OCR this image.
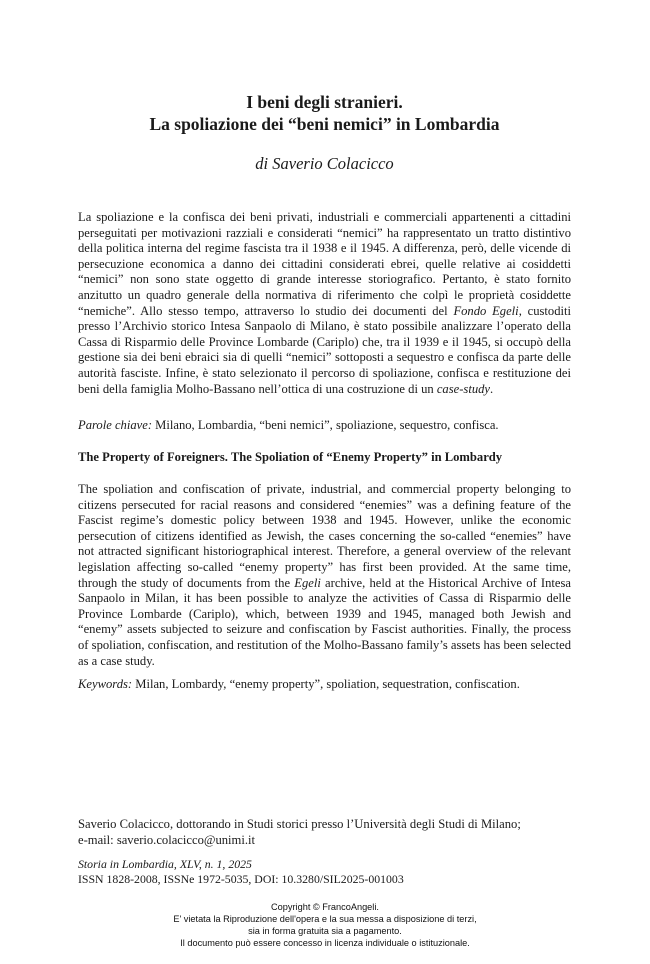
I beni degli stranieri.
La spoliazione dei “beni nemici” in Lombardia
di Saverio Colacicco

La spoliazione e la confisca dei beni privati, industriali e commerciali appartenenti a cittadini perseguitati per motivazioni razziali e considerati “nemici” ha rappresentato un tratto distintivo della politica interna del regime fascista tra il 1938 e il 1945. A differenza, però, delle vicende di persecuzione economica a danno dei cittadini considerati ebrei, quelle relative ai cosiddetti “nemici” non sono state oggetto di grande interesse storiografico. Pertanto, è stato fornito anzitutto un quadro generale della normativa di riferimento che colpì le proprietà cosiddette “nemiche”. Allo stesso tempo, attraverso lo studio dei documenti del Fondo Egeli, custoditi presso l’Archivio storico Intesa Sanpaolo di Milano, è stato possibile analizzare l’operato della Cassa di Risparmio delle Province Lombarde (Cariplo) che, tra il 1939 e il 1945, si occupò della gestione sia dei beni ebraici sia di quelli “nemici” sottoposti a sequestro e confisca da parte delle autorità fasciste. Infine, è stato selezionato il percorso di spoliazione, confisca e restituzione dei beni della famiglia Molho-Bassano nell’ottica di una costruzione di un case-study.

Parole chiave: Milano, Lombardia, “beni nemici”, spoliazione, sequestro, confisca.
The Property of Foreigners. The Spoliation of “Enemy Property” in Lombardy

The spoliation and confiscation of private, industrial, and commercial property belonging to citizens persecuted for racial reasons and considered “enemies” was a defining feature of the Fascist regime’s domestic policy between 1938 and 1945. However, unlike the economic persecution of citizens identified as Jewish, the cases concerning the so-called “enemies” have not attracted significant historiographical interest. Therefore, a general overview of the relevant legislation affecting so-called “enemy property” has first been provided. At the same time, through the study of documents from the Egeli archive, held at the Historical Archive of Intesa Sanpaolo in Milan, it has been possible to analyze the activities of Cassa di Risparmio delle Province Lombarde (Cariplo), which, between 1939 and 1945, managed both Jewish and “enemy” assets subjected to seizure and confiscation by Fascist authorities. Finally, the process of spoliation, confiscation, and restitution of the Molho-Bassano family’s assets has been selected as a case study.

Keywords: Milan, Lombardy, “enemy property”, spoliation, sequestration, confiscation.
Saverio Colacicco, dottorando in Studi storici presso l’Università degli Studi di Milano;
e-mail: saverio.colacicco@unimi.it
Storia in Lombardia, XLV, n. 1, 2025
ISSN 1828-2008, ISSNe 1972-5035, DOI: 10.3280/SIL2025-001003
Copyright © FrancoAngeli.
E' vietata la Riproduzione dell'opera e la sua messa a disposizione di terzi,
sia in forma gratuita sia a pagamento.
Il documento può essere concesso in licenza individuale o istituzionale.
